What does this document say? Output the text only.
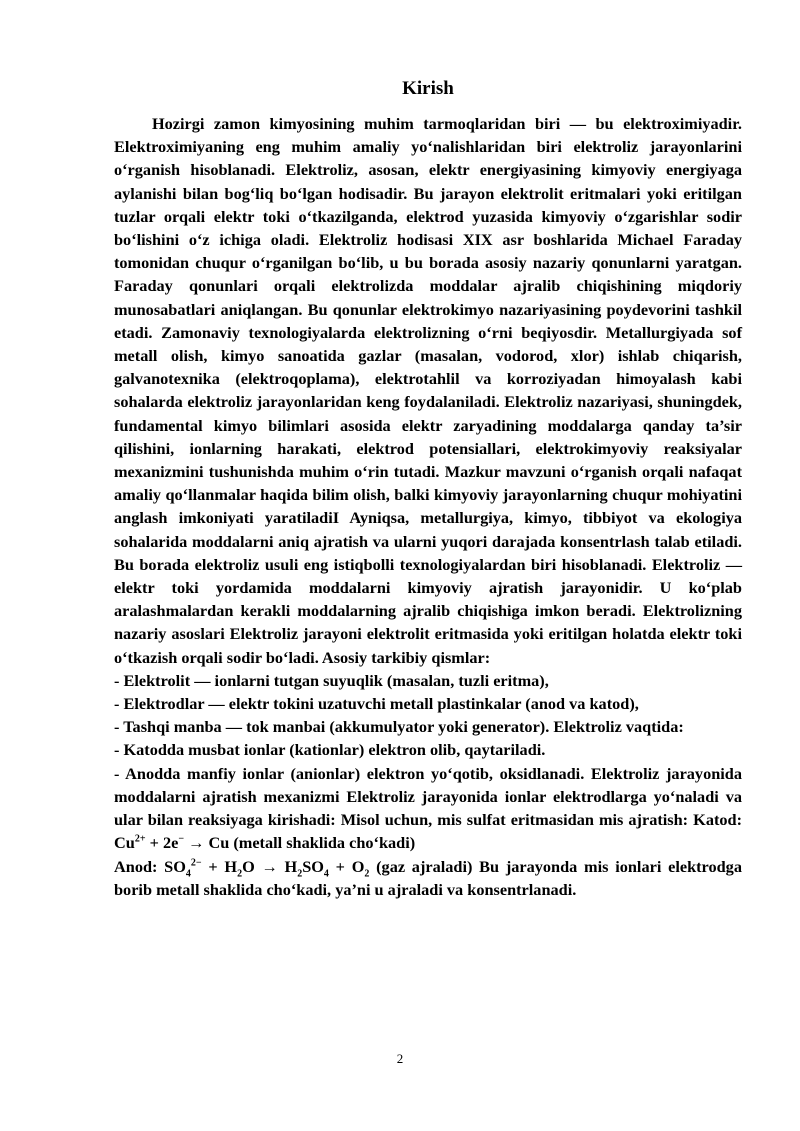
Kirish

Hozirgi zamon kimyosining muhim tarmoqlaridan biri — bu elektroximiyadir. Elektroximiyaning eng muhim amaliy yo‘nalishlaridan biri elektroliz jarayonlarini o‘rganish hisoblanadi. Elektroliz, asosan, elektr energiyasining kimyoviy energiyaga aylanishi bilan bog‘liq bo‘lgan hodisadir. Bu jarayon elektrolit eritmalari yoki eritilgan tuzlar orqali elektr toki o‘tkazilganda, elektrod yuzasida kimyoviy o‘zgarishlar sodir bo‘lishini o‘z ichiga oladi. Elektroliz hodisasi XIX asr boshlarida Michael Faraday tomonidan chuqur o‘rganilgan bo‘lib, u bu borada asosiy nazariy qonunlarni yaratgan. Faraday qonunlari orqali elektrolizda moddalar ajralib chiqishining miqdoriy munosabatlari aniqlangan. Bu qonunlar elektrokimyo nazariyasining poydevorini tashkil etadi. Zamonaviy texnologiyalarda elektrolizning o‘rni beqiyosdir. Metallurgiyada sof metall olish, kimyo sanoatida gazlar (masalan, vodorod, xlor) ishlab chiqarish, galvanotexnika (elektroqoplama), elektrotahlil va korroziyadan himoyalash kabi sohalarda elektroliz jarayonlaridan keng foydalaniladi. Elektroliz nazariyasi, shuningdek, fundamental kimyo bilimlari asosida elektr zaryadining moddalarga qanday ta’sir qilishini, ionlarning harakati, elektrod potensiallari, elektrokimyoviy reaksiyalar mexanizmini tushunishda muhim o‘rin tutadi. Mazkur mavzuni o‘rganish orqali nafaqat amaliy qo‘llanmalar haqida bilim olish, balki kimyoviy jarayonlarning chuqur mohiyatini anglash imkoniyati yaratiladiI Ayniqsa, metallurgiya, kimyo, tibbiyot va ekologiya sohalarida moddalarni aniq ajratish va ularni yuqori darajada konsentrlash talab etiladi. Bu borada elektroliz usuli eng istiqbolli texnologiyalardan biri hisoblanadi. Elektroliz — elektr toki yordamida moddalarni kimyoviy ajratish jarayonidir. U ko‘plab aralashmalardan kerakli moddalarning ajralib chiqishiga imkon beradi. Elektrolizning nazariy asoslari Elektroliz jarayoni elektrolit eritmasida yoki eritilgan holatda elektr toki o‘tkazish orqali sodir bo‘ladi. Asosiy tarkibiy qismlar:

- Elektrolit — ionlarni tutgan suyuqlik (masalan, tuzli eritma),

- Elektrodlar — elektr tokini uzatuvchi metall plastinkalar (anod va katod),

- Tashqi manba — tok manbai (akkumulyator yoki generator). Elektroliz vaqtida:

- Katodda musbat ionlar (kationlar) elektron olib, qaytariladi.

- Anodda manfiy ionlar (anionlar) elektron yo‘qotib, oksidlanadi. Elektroliz jarayonida moddalarni ajratish mexanizmi Elektroliz jarayonida ionlar elektrodlarga yo‘naladi va ular bilan reaksiyaga kirishadi: Misol uchun, mis sulfat eritmasidan mis ajratish: Katod: $Cu^{2+} + 2e^- \to Cu$ (metall shaklida cho‘kadi)

Anod: $SO_4^{2-} + H_2O \to H_2SO_4 + O_2$ (gaz ajraladi) Bu jarayonda mis ionlari elektrodga borib metall shaklida cho‘kadi, ya’ni u ajraladi va konsentrlanadi.

2
